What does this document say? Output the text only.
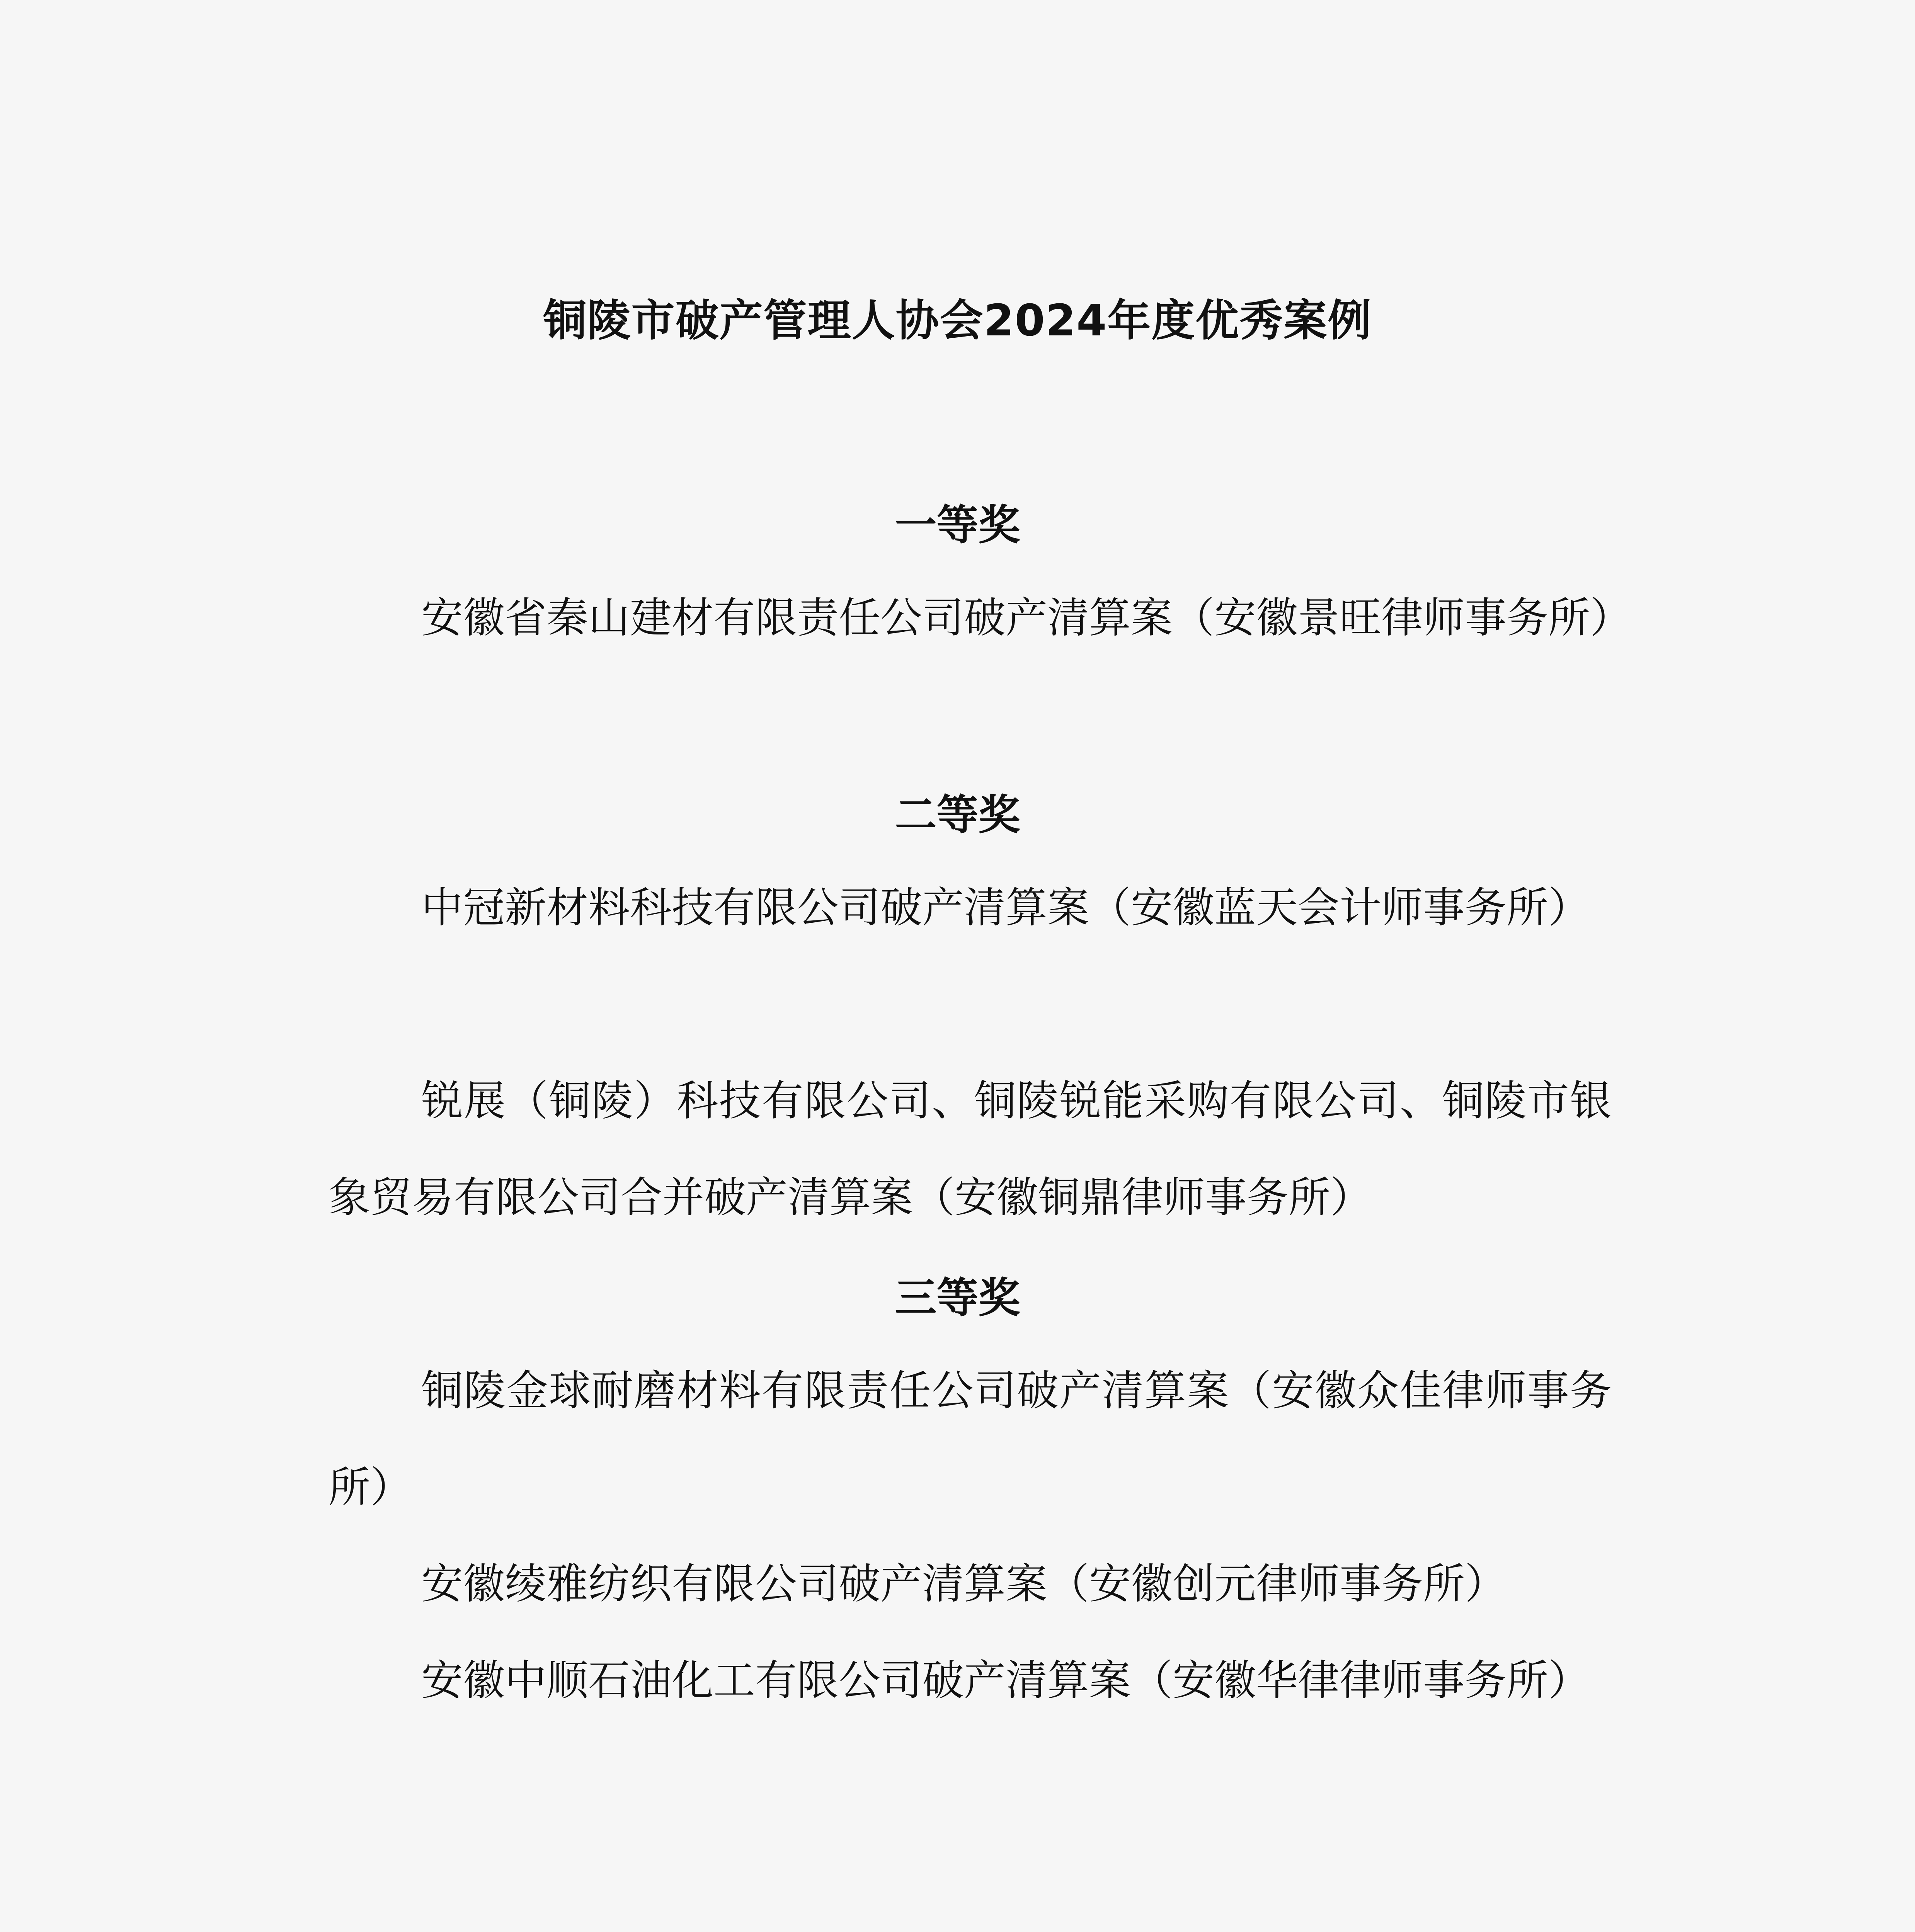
铜陵市破产管理人协会2024年度优秀案例
一等奖

安徽省秦山建材有限责任公司破产清算案（安徽景旺律师事务所）

二等奖

中冠新材料科技有限公司破产清算案（安徽蓝天会计师事务所）

锐展（铜陵）科技有限公司、铜陵锐能采购有限公司、铜陵市银象贸易有限公司合并破产清算案（安徽铜鼎律师事务所）

三等奖

铜陵金球耐磨材料有限责任公司破产清算案（安徽众佳律师事务所）

安徽绫雅纺织有限公司破产清算案（安徽创元律师事务所）

安徽中顺石油化工有限公司破产清算案（安徽华律律师事务所）
